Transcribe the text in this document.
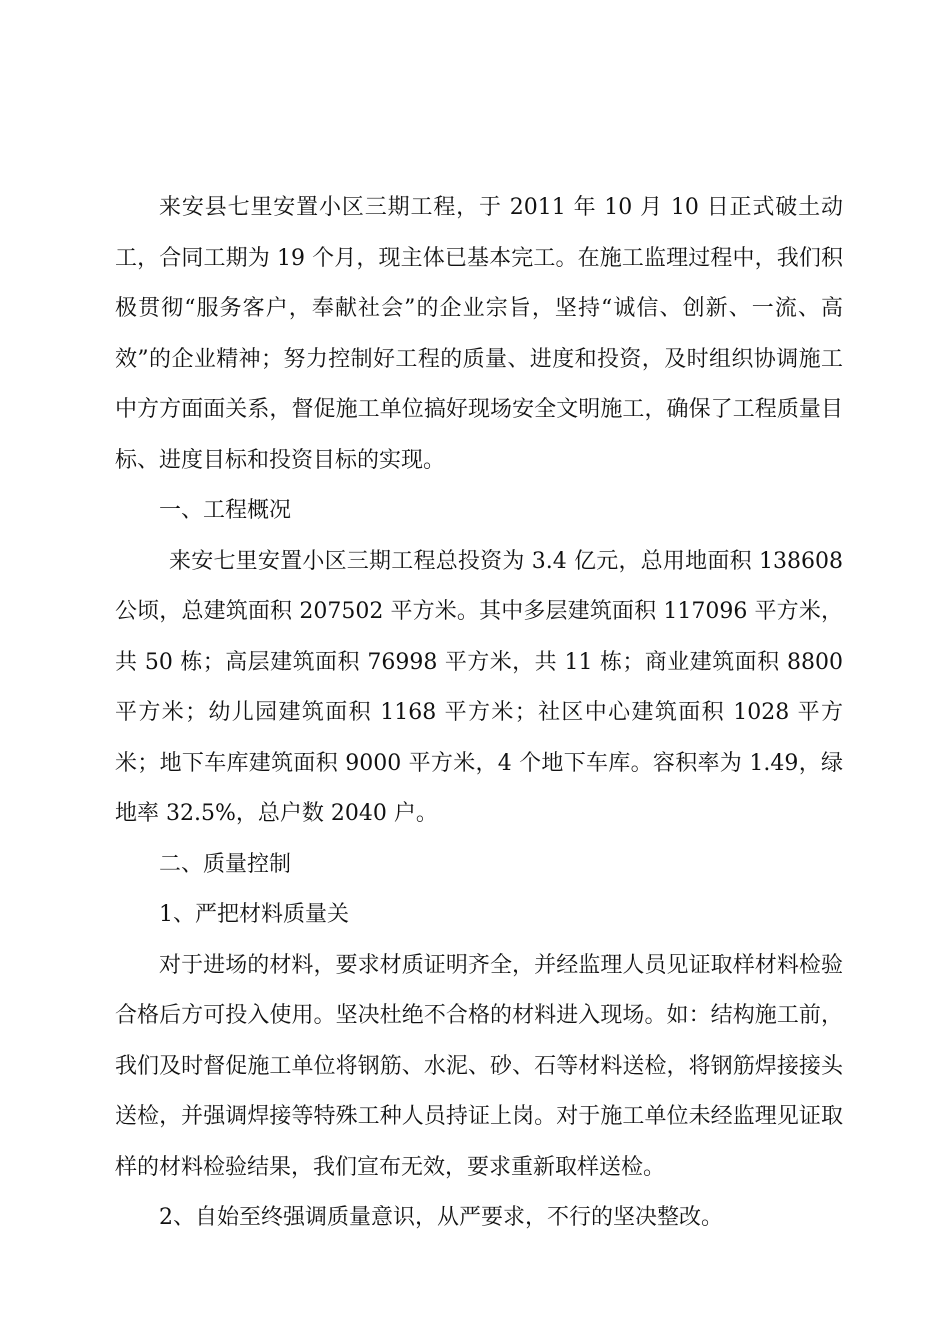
来安县七里安置小区三期工程，于 2011 年 10 月 10 日正式破土动工，合同工期为 19 个月，现主体已基本完工。在施工监理过程中，我们积极贯彻“服务客户，奉献社会”的企业宗旨，坚持“诚信、创新、一流、高效”的企业精神；努力控制好工程的质量、进度和投资，及时组织协调施工中方方面面关系，督促施工单位搞好现场安全文明施工，确保了工程质量目标、进度目标和投资目标的实现。

一、工程概况

来安七里安置小区三期工程总投资为 3.4 亿元，总用地面积 138608 公顷，总建筑面积 207502 平方米。其中多层建筑面积 117096 平方米，共 50 栋；高层建筑面积 76998 平方米，共 11 栋；商业建筑面积 8800 平方米；幼儿园建筑面积 1168 平方米；社区中心建筑面积 1028 平方米；地下车库建筑面积 9000 平方米，4 个地下车库。容积率为 1.49，绿地率 32.5%，总户数 2040 户。

二、质量控制

1、严把材料质量关

对于进场的材料，要求材质证明齐全，并经监理人员见证取样材料检验合格后方可投入使用。坚决杜绝不合格的材料进入现场。如：结构施工前，我们及时督促施工单位将钢筋、水泥、砂、石等材料送检，将钢筋焊接接头送检，并强调焊接等特殊工种人员持证上岗。对于施工单位未经监理见证取样的材料检验结果，我们宣布无效，要求重新取样送检。

2、自始至终强调质量意识，从严要求，不行的坚决整改。
